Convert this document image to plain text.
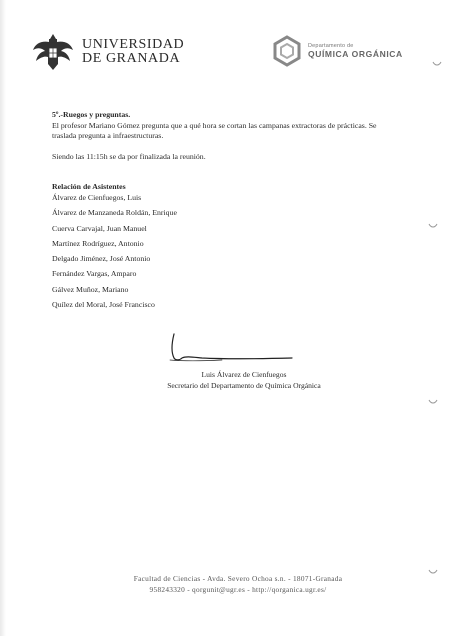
UNIVERSIDAD
DE GRANADA
Departamento de
QUÍMICA ORGÁNICA

5º.-Ruegos y preguntas.

El profesor Mariano Gómez pregunta que a qué hora se cortan las campanas extractoras de prácticas. Se traslada pregunta a infraestructuras.

Siendo las 11:15h se da por finalizada la reunión.

Relación de Asistentes

Álvarez de Cienfuegos, Luis
Álvarez de Manzaneda Roldán, Enrique
Cuerva Carvajal, Juan Manuel
Martínez Rodríguez, Antonio
Delgado Jiménez, José Antonio
Fernández Vargas, Amparo
Gálvez Muñoz, Mariano
Quílez del Moral, José Francisco
Luis Álvarez de Cienfuegos
Secretario del Departamento de Química Orgánica
Facultad de Ciencias - Avda. Severo Ochoa s.n. - 18071-Granada
958243320 - qorgunit@ugr.es - http://qorganica.ugr.es/
